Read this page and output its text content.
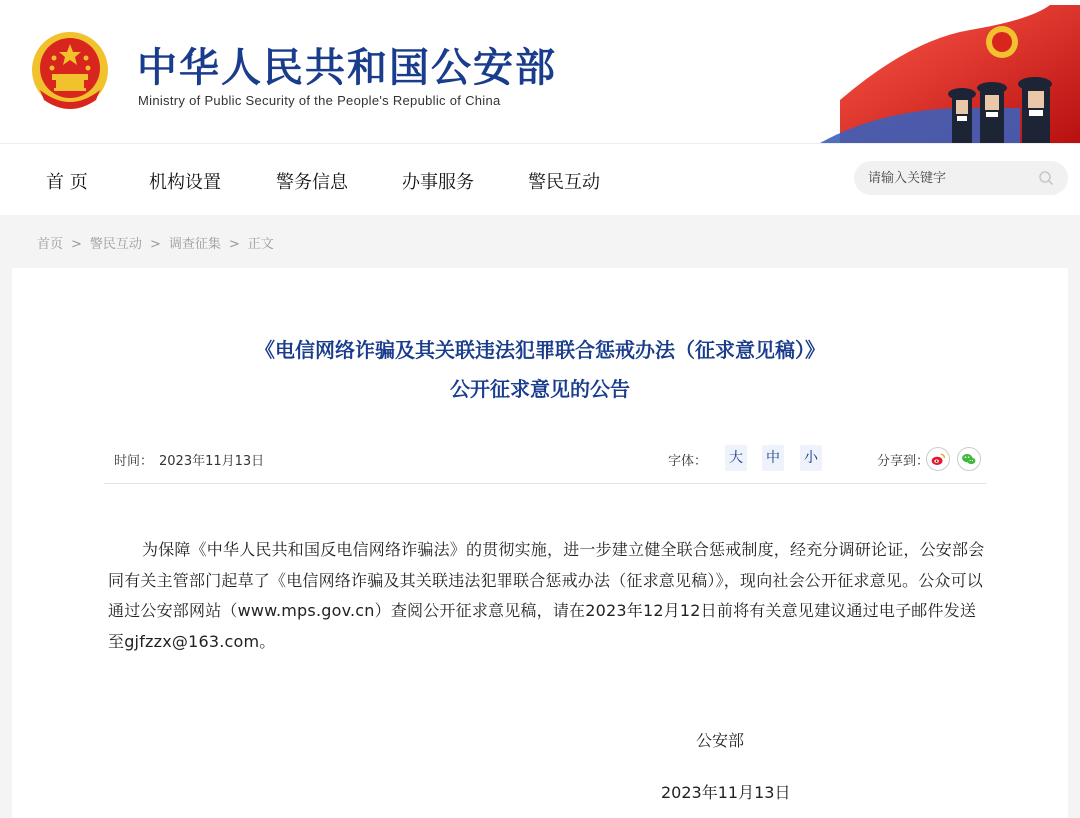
中华人民共和国公安部
Ministry of Public Security of the People's Republic of China
首 页	机构设置	警务信息	办事服务	警民互动
请输入关键字
首页 > 警民互动 > 调查征集 > 正文
《电信网络诈骗及其关联违法犯罪联合惩戒办法（征求意见稿）》
公开征求意见的公告
时间： 2023年11月13日	字体： 大 中 小	分享到：
为保障《中华人民共和国反电信网络诈骗法》的贯彻实施，进一步建立健全联合惩戒制度，经充分调研论证，公安部会同有关主管部门起草了《电信网络诈骗及其关联违法犯罪联合惩戒办法（征求意见稿）》，现向社会公开征求意见。公众可以通过公安部网站（www.mps.gov.cn）查阅公开征求意见稿，请在2023年12月12日前将有关意见建议通过电子邮件发送至gjfzzx@163.com。
公安部
2023年11月13日
